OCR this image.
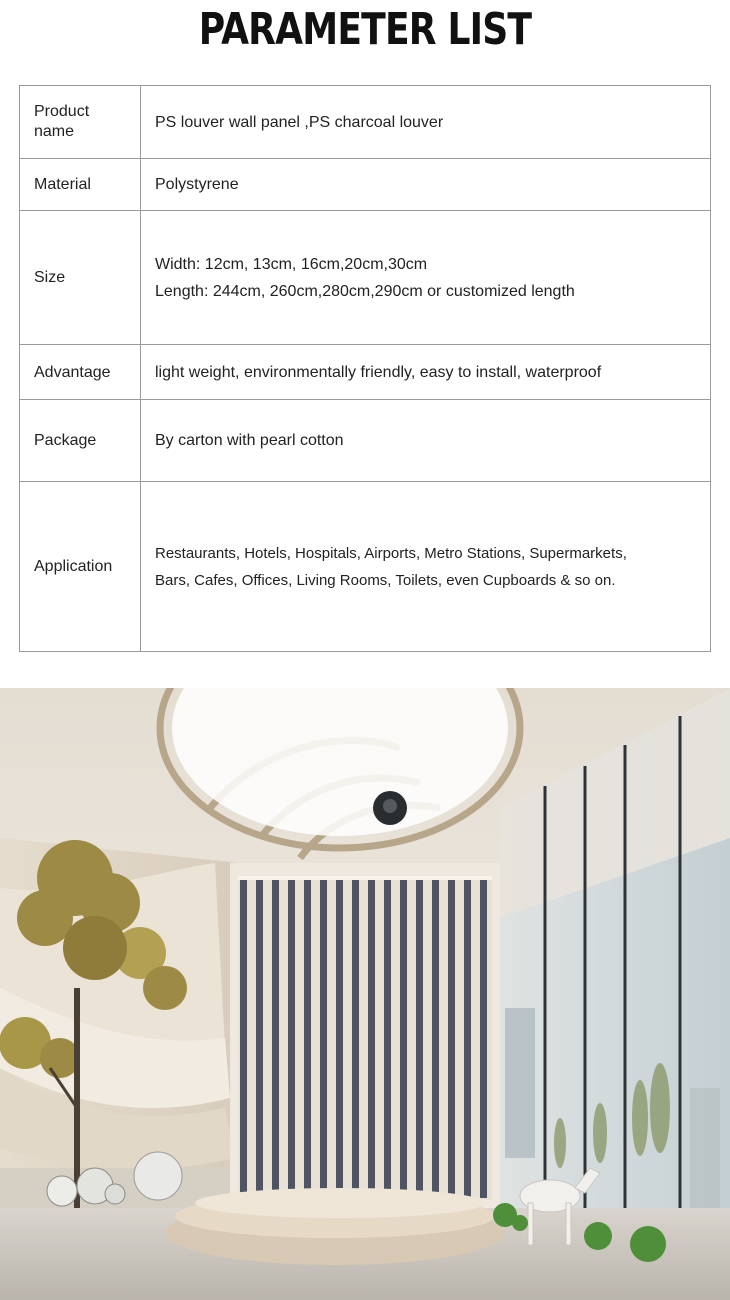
PARAMETER LIST
Product name	PS louver wall panel ,PS charcoal louver

Material	Polystyrene

Size	Width: 12cm, 13cm, 16cm,20cm,30cm
Length: 244cm, 260cm,280cm,290cm or customized length

Advantage	light weight, environmentally friendly, easy to install, waterproof

Package	By carton with pearl cotton

Application	Restaurants, Hotels, Hospitals, Airports, Metro Stations, Supermarkets,
Bars, Cafes, Offices, Living Rooms, Toilets, even Cupboards & so on.
